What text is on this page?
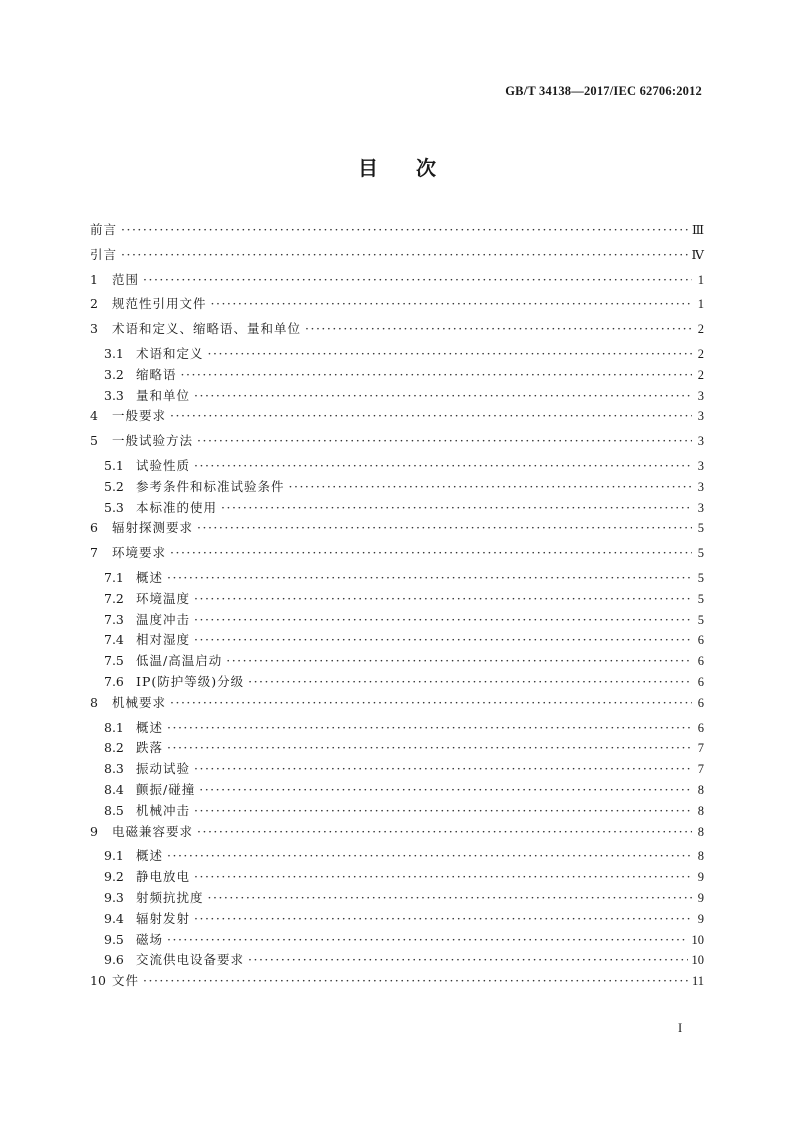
GB/T 34138—2017/IEC 62706:2012
目次
前言 ·····	Ⅲ
引言 ·····	Ⅳ
1	范围 ·····	1
2	规范性引用文件 ·····	1
3	术语和定义、缩略语、量和单位 ·····	2
3.1 术语和定义 ·····	2
3.2 缩略语 ·····	2
3.3 量和单位 ·····	3
4	一般要求 ·····	3
5	一般试验方法 ·····	3
5.1 试验性质 ·····	3
5.2 参考条件和标准试验条件 ·····	3
5.3 本标准的使用 ·····	3
6	辐射探测要求 ·····	5
7	环境要求 ·····	5
7.1 概述 ·····	5
7.2 环境温度 ·····	5
7.3 温度冲击 ·····	5
7.4 相对湿度 ·····	6
7.5 低温/高温启动 ·····	6
7.6 IP(防护等级)分级 ·····	6
8	机械要求 ·····	6
8.1 概述 ·····	6
8.2 跌落 ·····	7
8.3 振动试验 ·····	7
8.4 颤振/碰撞 ·····	8
8.5 机械冲击 ·····	8
9	电磁兼容要求 ·····	8
9.1 概述 ·····	8
9.2 静电放电 ·····	9
9.3 射频抗扰度 ·····	9
9.4 辐射发射 ·····	9
9.5 磁场 ·····	10
9.6 交流供电设备要求 ·····	10
10 文件 ·····	11
I
